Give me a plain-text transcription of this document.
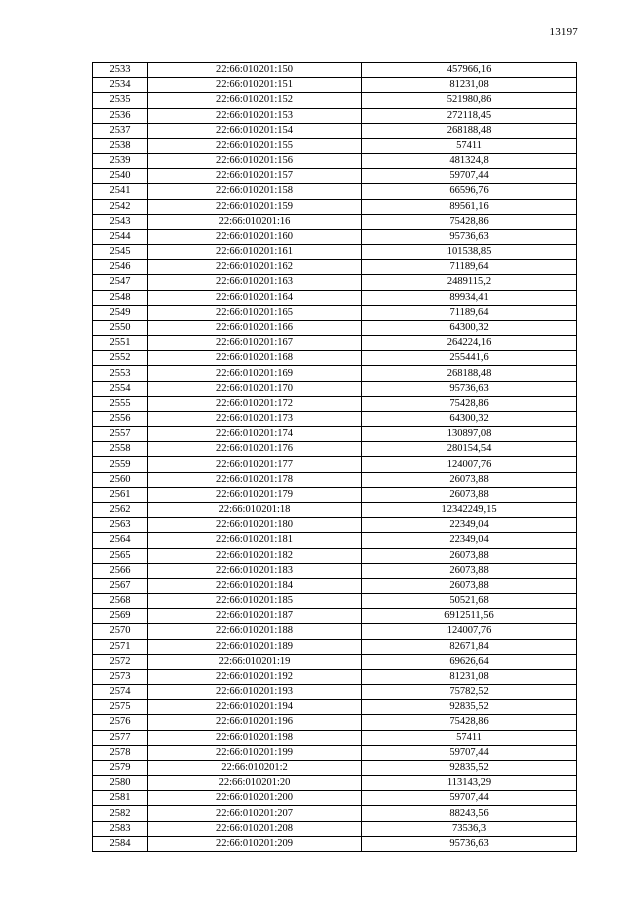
13197
2533	22:66:010201:150	457966,16
2534	22:66:010201:151	81231,08
2535	22:66:010201:152	521980,86
2536	22:66:010201:153	272118,45
2537	22:66:010201:154	268188,48
2538	22:66:010201:155	57411
2539	22:66:010201:156	481324,8
2540	22:66:010201:157	59707,44
2541	22:66:010201:158	66596,76
2542	22:66:010201:159	89561,16
2543	22:66:010201:16	75428,86
2544	22:66:010201:160	95736,63
2545	22:66:010201:161	101538,85
2546	22:66:010201:162	71189,64
2547	22:66:010201:163	2489115,2
2548	22:66:010201:164	89934,41
2549	22:66:010201:165	71189,64
2550	22:66:010201:166	64300,32
2551	22:66:010201:167	264224,16
2552	22:66:010201:168	255441,6
2553	22:66:010201:169	268188,48
2554	22:66:010201:170	95736,63
2555	22:66:010201:172	75428,86
2556	22:66:010201:173	64300,32
2557	22:66:010201:174	130897,08
2558	22:66:010201:176	280154,54
2559	22:66:010201:177	124007,76
2560	22:66:010201:178	26073,88
2561	22:66:010201:179	26073,88
2562	22:66:010201:18	12342249,15
2563	22:66:010201:180	22349,04
2564	22:66:010201:181	22349,04
2565	22:66:010201:182	26073,88
2566	22:66:010201:183	26073,88
2567	22:66:010201:184	26073,88
2568	22:66:010201:185	50521,68
2569	22:66:010201:187	6912511,56
2570	22:66:010201:188	124007,76
2571	22:66:010201:189	82671,84
2572	22:66:010201:19	69626,64
2573	22:66:010201:192	81231,08
2574	22:66:010201:193	75782,52
2575	22:66:010201:194	92835,52
2576	22:66:010201:196	75428,86
2577	22:66:010201:198	57411
2578	22:66:010201:199	59707,44
2579	22:66:010201:2	92835,52
2580	22:66:010201:20	113143,29
2581	22:66:010201:200	59707,44
2582	22:66:010201:207	88243,56
2583	22:66:010201:208	73536,3
2584	22:66:010201:209	95736,63
